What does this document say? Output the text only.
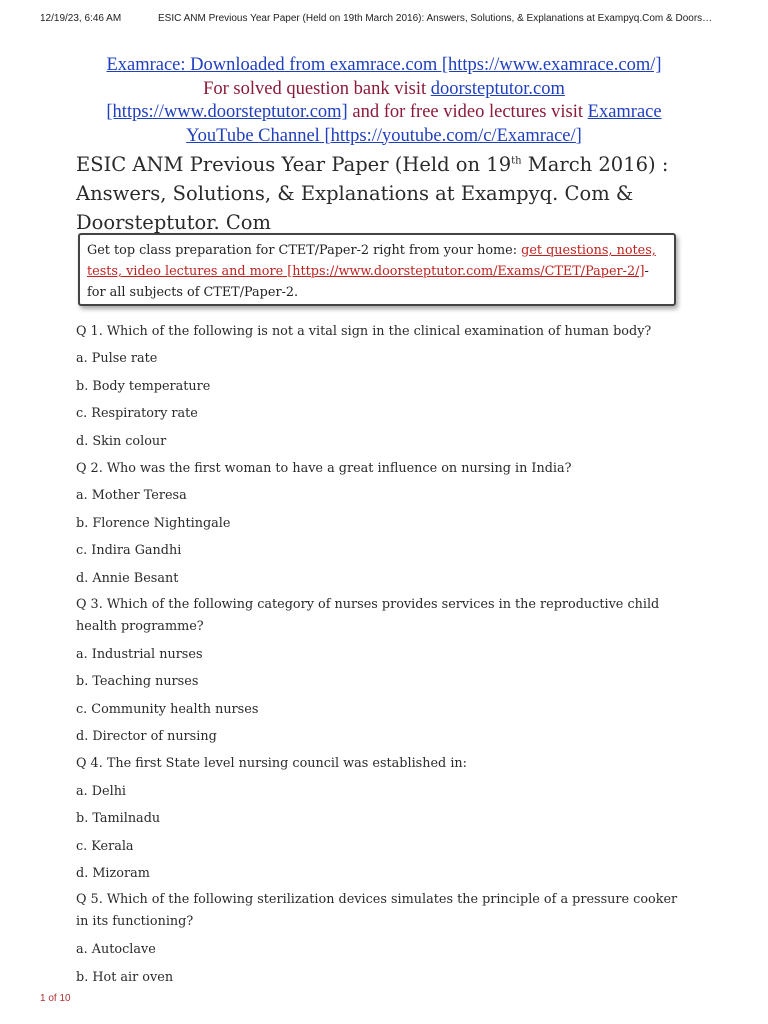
12/19/23, 6:46 AM	ESIC ANM Previous Year Paper (Held on 19th March 2016): Answers, Solutions, & Explanations at Exampyq.Com & Doors…
Examrace: Downloaded from examrace.com [https://www.examrace.com/]
For solved question bank visit doorsteptutor.com
[https://www.doorsteptutor.com] and for free video lectures visit Examrace
YouTube Channel [https://youtube.com/c/Examrace/]
ESIC ANM Previous Year Paper (Held on 19th March 2016) : Answers, Solutions, & Explanations at Exampyq. Com & Doorsteptutor. Com
Get top class preparation for CTET/Paper-2 right from your home: get questions, notes, tests, video lectures and more [https://www.doorsteptutor.com/Exams/CTET/Paper-2/]- for all subjects of CTET/Paper-2.
Q 1. Which of the following is not a vital sign in the clinical examination of human body?
a. Pulse rate
b. Body temperature
c. Respiratory rate
d. Skin colour
Q 2. Who was the first woman to have a great influence on nursing in India?
a. Mother Teresa
b. Florence Nightingale
c. Indira Gandhi
d. Annie Besant
Q 3. Which of the following category of nurses provides services in the reproductive child health programme?
a. Industrial nurses
b. Teaching nurses
c. Community health nurses
d. Director of nursing
Q 4. The first State level nursing council was established in:
a. Delhi
b. Tamilnadu
c. Kerala
d. Mizoram
Q 5. Which of the following sterilization devices simulates the principle of a pressure cooker in its functioning?
a. Autoclave
b. Hot air oven
1 of 10
